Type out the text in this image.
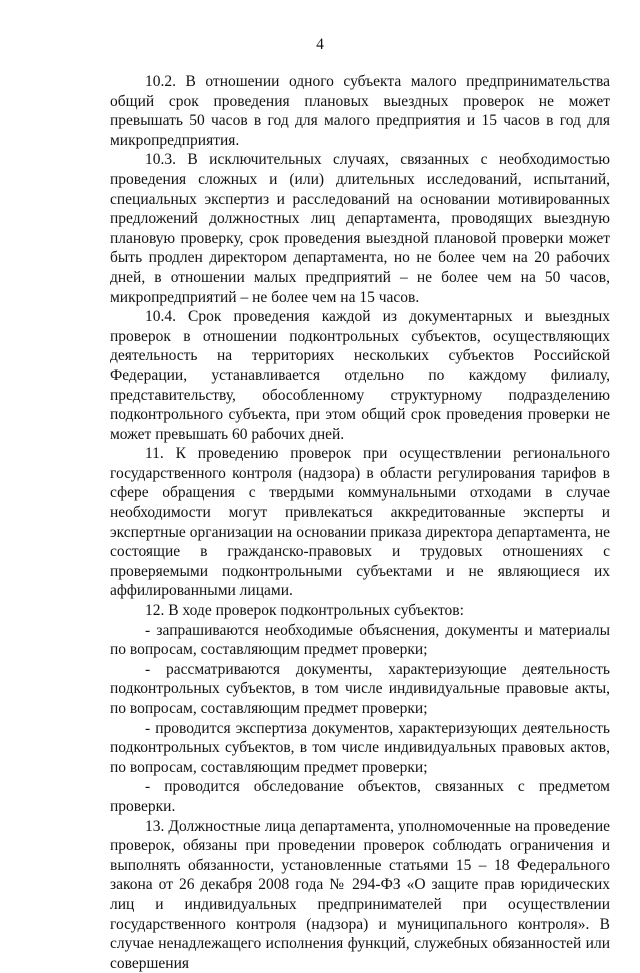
4

10.2. В отношении одного субъекта малого предпринимательства общий срок проведения плановых выездных проверок не может превышать 50 часов в год для малого предприятия и 15 часов в год для микропредприятия.

10.3. В исключительных случаях, связанных с необходимостью проведения сложных и (или) длительных исследований, испытаний, специальных экспертиз и расследований на основании мотивированных предложений должностных лиц департамента, проводящих выездную плановую проверку, срок проведения выездной плановой проверки может быть продлен директором департамента, но не более чем на 20 рабочих дней, в отношении малых предприятий – не более чем на 50 часов, микропредприятий – не более чем на 15 часов.

10.4. Срок проведения каждой из документарных и выездных проверок в отношении подконтрольных субъектов, осуществляющих деятельность на территориях нескольких субъектов Российской Федерации, устанавливается отдельно по каждому филиалу, представительству, обособленному структурному подразделению подконтрольного субъекта, при этом общий срок проведения проверки не может превышать 60 рабочих дней.

11. К проведению проверок при осуществлении регионального государственного контроля (надзора) в области регулирования тарифов в сфере обращения с твердыми коммунальными отходами в случае необходимости могут привлекаться аккредитованные эксперты и экспертные организации на основании приказа директора департамента, не состоящие в гражданско-правовых и трудовых отношениях с проверяемыми подконтрольными субъектами и не являющиеся их аффилированными лицами.

12. В ходе проверок подконтрольных субъектов:

- запрашиваются необходимые объяснения, документы и материалы по вопросам, составляющим предмет проверки;

- рассматриваются документы, характеризующие деятельность подконтрольных субъектов, в том числе индивидуальные правовые акты, по вопросам, составляющим предмет проверки;

- проводится экспертиза документов, характеризующих деятельность подконтрольных субъектов, в том числе индивидуальных правовых актов, по вопросам, составляющим предмет проверки;

- проводится обследование объектов, связанных с предметом проверки.

13. Должностные лица департамента, уполномоченные на проведение проверок, обязаны при проведении проверок соблюдать ограничения и выполнять обязанности, установленные статьями 15 – 18 Федерального закона от 26 декабря 2008 года № 294-ФЗ «О защите прав юридических лиц и индивидуальных предпринимателей при осуществлении государственного контроля (надзора) и муниципального контроля». В случае ненадлежащего исполнения функций, служебных обязанностей или совершения
